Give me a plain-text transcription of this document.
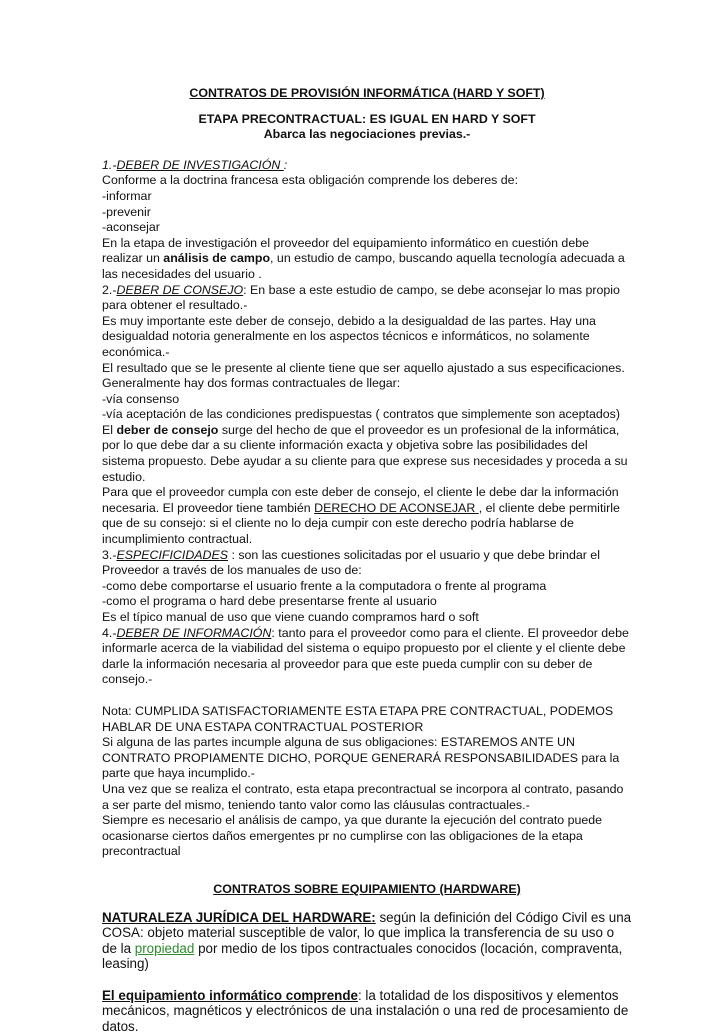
CONTRATOS DE PROVISIÓN INFORMÁTICA (HARD Y SOFT)

ETAPA PRECONTRACTUAL: ES IGUAL EN HARD Y SOFT

Abarca las negociaciones previas.-

1.-DEBER DE INVESTIGACIÓN :

Conforme a la doctrina francesa esta obligación comprende los deberes de:

-informar

-prevenir

-aconsejar

En la etapa de investigación el proveedor del equipamiento informático en cuestión debe realizar un análisis de campo, un estudio de campo, buscando aquella tecnología adecuada a las necesidades del usuario .

2.-DEBER DE CONSEJO: En base a este estudio de campo, se debe aconsejar lo mas propio para obtener el resultado.-

Es muy importante este deber de consejo, debido a la desigualdad de las partes. Hay una desigualdad notoria generalmente en los aspectos técnicos e informáticos, no solamente económica.-

El resultado que se le presente al cliente tiene que ser aquello ajustado a sus especificaciones. Generalmente hay dos formas contractuales de llegar:

-vía consenso

-vía aceptación de las condiciones predispuestas ( contratos que simplemente son aceptados)

El deber de consejo surge del hecho de que el proveedor es un profesional de la informática, por lo que debe dar a su cliente información exacta y objetiva sobre las posibilidades del sistema propuesto. Debe ayudar a su cliente para que exprese sus necesidades y proceda a su estudio.

Para que el proveedor cumpla con este deber de consejo, el cliente le debe dar la información necesaria. El proveedor tiene también DERECHO DE ACONSEJAR , el cliente debe permitirle que de su consejo: si el cliente no lo deja cumpir con este derecho podría hablarse de incumplimiento contractual.

3.-ESPECIFICIDADES : son las cuestiones solicitadas por el usuario y que debe brindar el Proveedor a través de los manuales de uso de:

-como debe comportarse el usuario frente a la computadora o frente al programa

-como el programa o hard debe presentarse frente al usuario

Es el típico manual de uso que viene cuando compramos hard o soft

4.-DEBER DE INFORMACIÓN: tanto para el proveedor como para el cliente. El proveedor debe informarle acerca de la viabilidad del sistema o equipo propuesto por el cliente y el cliente debe darle la información necesaria al proveedor para que este pueda cumplir con su deber de consejo.-

Nota: CUMPLIDA SATISFACTORIAMENTE ESTA ETAPA PRE CONTRACTUAL, PODEMOS HABLAR DE UNA ESTAPA CONTRACTUAL POSTERIOR

Si alguna de las partes incumple alguna de sus obligaciones: ESTAREMOS ANTE UN CONTRATO PROPIAMENTE DICHO, PORQUE GENERARÁ RESPONSABILIDADES para la parte que haya incumplido.-

Una vez que se realiza el contrato, esta etapa precontractual se incorpora al contrato, pasando a ser parte del mismo, teniendo tanto valor como las cláusulas contractuales.-

Siempre es necesario el análisis de campo, ya que durante la ejecución del contrato puede ocasionarse ciertos daños emergentes pr no cumplirse con las obligaciones de la etapa precontractual

CONTRATOS SOBRE EQUIPAMIENTO (HARDWARE)

NATURALEZA JURÍDICA DEL HARDWARE: según la definición del Código Civil es una COSA: objeto material susceptible de valor, lo que implica la transferencia de su uso o de la propiedad por medio de los tipos contractuales conocidos (locación, compraventa, leasing)

El equipamiento informático comprende: la totalidad de los dispositivos y elementos mecánicos, magnéticos y electrónicos de una instalación o una red de procesamiento de datos.
